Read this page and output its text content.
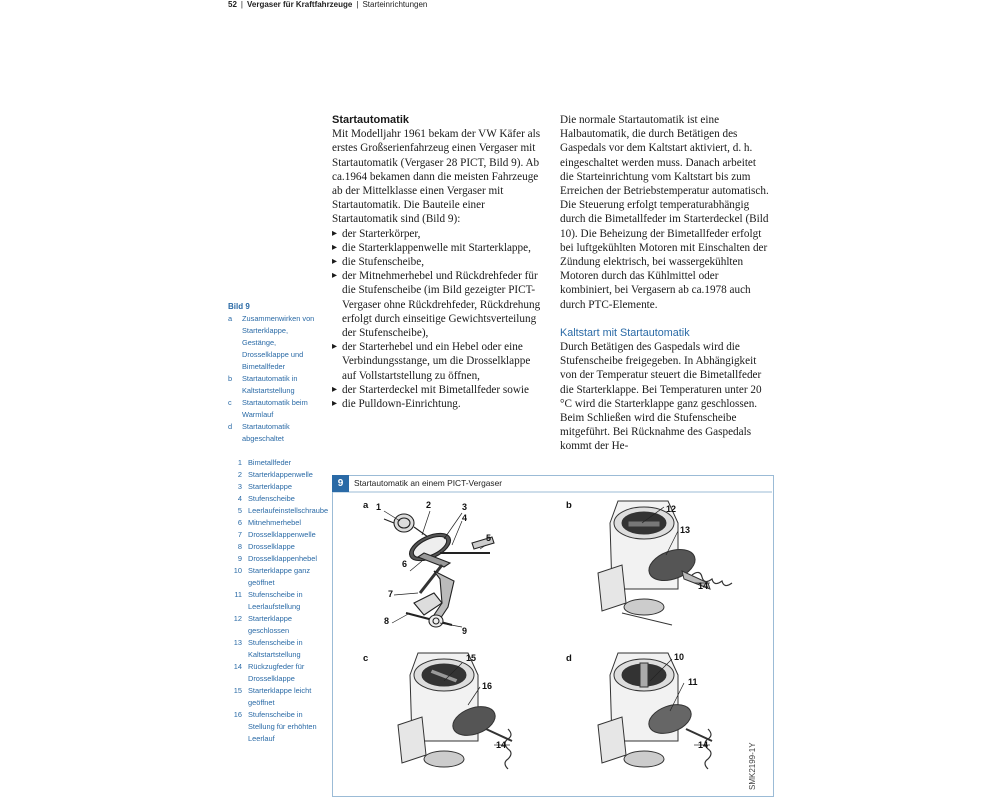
52 | Vergaser für Kraftfahrzeuge | Starteinrichtungen

Startautomatik

Mit Modelljahr 1961 bekam der VW Käfer als erstes Großserienfahrzeug einen Vergaser mit Startautomatik (Vergaser 28 PICT, Bild 9). Ab ca.1964 bekamen dann die meisten Fahrzeuge ab der Mittelklasse einen Vergaser mit Startautomatik. Die Bauteile einer Startautomatik sind (Bild 9):

▸ der Starterkörper,
▸ die Starterklappenwelle mit Starterklappe,
▸ die Stufenscheibe,
▸ der Mitnehmerhebel und Rückdrehfeder für die Stufenscheibe (im Bild gezeigter PICT-Vergaser ohne Rückdrehfeder, Rückdrehung erfolgt durch einseitige Gewichtsverteilung der Stufenscheibe),
▸ der Starterhebel und ein Hebel oder eine Verbindungsstange, um die Drosselklappe auf Vollstartstellung zu öffnen,
▸ der Starterdeckel mit Bimetallfeder sowie
▸ die Pulldown-Einrichtung.

Die normale Startautomatik ist eine Halbautomatik, die durch Betätigen des Gaspedals vor dem Kaltstart aktiviert, d. h. eingeschaltet werden muss. Danach arbeitet die Starteinrichtung vom Kaltstart bis zum Erreichen der Betriebstemperatur automatisch. Die Steuerung erfolgt temperaturabhängig durch die Bimetallfeder im Starterdeckel (Bild 10). Die Beheizung der Bimetallfeder erfolgt bei luftgekühlten Motoren mit Einschalten der Zündung elektrisch, bei wassergekühlten Motoren durch das Kühlmittel oder kombiniert, bei Vergasern ab ca.1978 auch durch PTC-Elemente.

Kaltstart mit Startautomatik

Durch Betätigen des Gaspedals wird die Stufenscheibe freigegeben. In Abhängigkeit von der Temperatur steuert die Bimetallfeder die Starterklappe. Bei Temperaturen unter 20 °C wird die Starterklappe ganz geschlossen. Beim Schließen wird die Stufenscheibe mitgeführt. Bei Rücknahme des Gaspedals kommt der He-

Bild 9
a	Zusammenwirken von Starterklappe, Gestänge, Drosselklappe und Bimetallfeder
b	Startautomatik in Kaltstartstellung
c	Startautomatik beim Warmlauf
d	Startautomatik abgeschaltet
1 Bimetallfeder
2 Starterklappenwelle
3 Starterklappe
4 Stufenscheibe
5 Leerlaufeinstellschraube
6 Mitnehmerhebel
7 Drosselklappenwelle
8 Drosselklappe
9 Drosselklappenhebel
10 Starterklappe ganz geöffnet
11 Stufenscheibe in Leerlaufstellung
12 Starterklappe geschlossen
13 Stufenscheibe in Kaltstartstellung
14 Rückzugfeder für Drosselklappe
15 Starterklappe leicht geöffnet
16 Stufenscheibe in Stellung für erhöhten Leerlauf
a	b
c	d
1	2	3
4
5
6
7
8
9
12
13
14
15
16
14
10
11
14
9	Startautomatik an einem PICT-Vergaser
SMK2199-1Y
